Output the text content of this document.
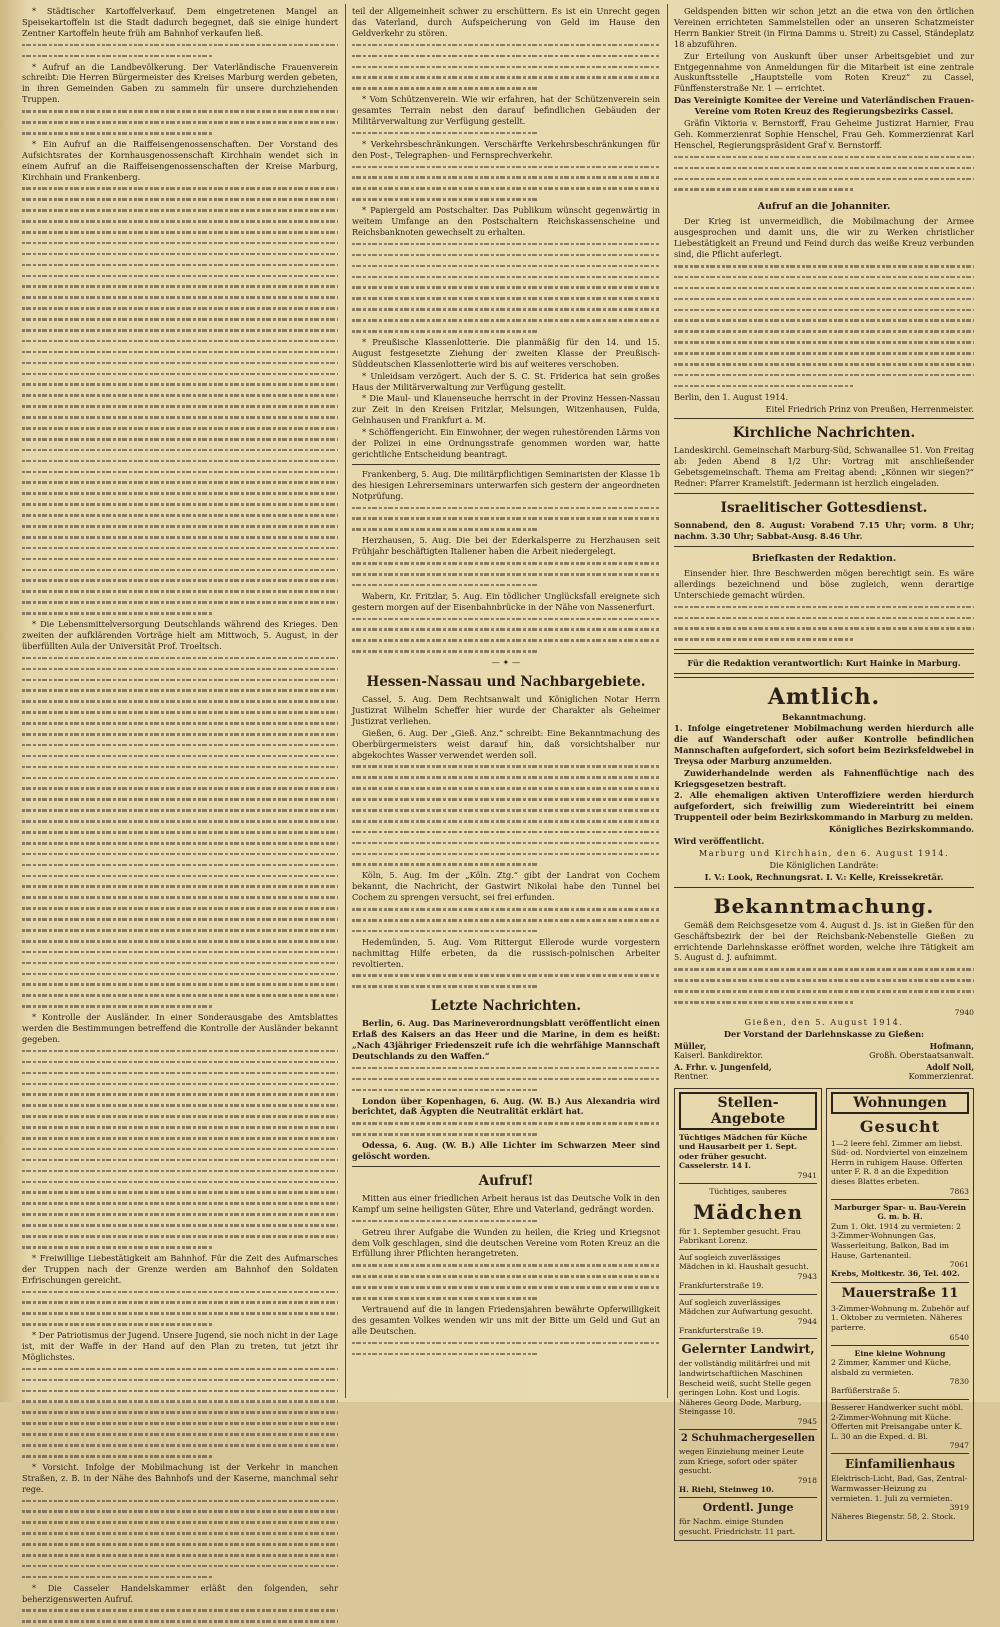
* Städtischer Kartoffelverkauf. Dem eingetretenen Mangel an Speisekartoffeln ist die Stadt dadurch begegnet, daß sie einige hundert Zentner Kartoffeln heute früh am Bahnhof verkaufen ließ.

* Aufruf an die Landbevölkerung. Der Vaterländische Frauenverein schreibt: Die Herren Bürgermeister des Kreises Marburg werden gebeten, in ihren Gemeinden Gaben zu sammeln für unsere durchziehenden Truppen.

* Ein Aufruf an die Raiffeisengenossenschaften. Der Vorstand des Aufsichtsrates der Kornhausgenossenschaft Kirchhain wendet sich in einem Aufruf an die Raiffeisengenossenschaften der Kreise Marburg, Kirchhain und Frankenberg.

* Die Lebensmittelversorgung Deutschlands während des Krieges. Den zweiten der aufklärenden Vorträge hielt am Mittwoch, 5. August, in der überfüllten Aula der Universität Prof. Troeltsch.

* Kontrolle der Ausländer. In einer Sonderausgabe des Amtsblattes werden die Bestimmungen betreffend die Kontrolle der Ausländer bekannt gegeben.

* Freiwillige Liebestätigkeit am Bahnhof. Für die Zeit des Aufmarsches der Truppen nach der Grenze werden am Bahnhof den Soldaten Erfrischungen gereicht.

* Der Patriotismus der Jugend. Unsere Jugend, sie noch nicht in der Lage ist, mit der Waffe in der Hand auf den Plan zu treten, tut jetzt ihr Möglichstes.

* Vorsicht. Infolge der Mobilmachung ist der Verkehr in manchen Straßen, z. B. in der Nähe des Bahnhofs und der Kaserne, manchmal sehr rege.

* Die Casseler Handelskammer erläßt den folgenden, sehr beherzigenswerten Aufruf.

teil der Allgemeinheit schwer zu erschüttern. Es ist ein Unrecht gegen das Vaterland, durch Aufspeicherung von Geld im Hause den Geldverkehr zu stören.

* Vom Schützenverein. Wie wir erfahren, hat der Schützenverein sein gesamtes Terrain nebst den darauf befindlichen Gebäuden der Militärverwaltung zur Verfügung gestellt.

* Verkehrsbeschränkungen. Verschärfte Verkehrsbeschränkungen für den Post-, Telegraphen- und Fernsprechverkehr.

* Papiergeld am Postschalter. Das Publikum wünscht gegenwärtig in weitem Umfange an den Postschaltern Reichskassenscheine und Reichsbanknoten gewechselt zu erhalten.

* Preußische Klassenlotterie. Die planmäßig für den 14. und 15. August festgesetzte Ziehung der zweiten Klasse der Preußisch-Süddeutschen Klassenlotterie wird bis auf weiteres verschoben.

* Unleidsam verzögert. Auch der S. C. St. Friderica hat sein großes Haus der Militärverwaltung zur Verfügung gestellt.

* Die Maul- und Klauenseuche herrscht in der Provinz Hessen-Nassau zur Zeit in den Kreisen Fritzlar, Melsungen, Witzenhausen, Fulda, Gelnhausen und Frankfurt a. M.

* Schöffengericht. Ein Einwohner, der wegen ruhestörenden Lärms von der Polizei in eine Ordnungsstrafe genommen worden war, hatte gerichtliche Entscheidung beantragt.

Frankenberg, 5. Aug. Die militärpflichtigen Seminaristen der Klasse 1b des hiesigen Lehrerseminars unterwarfen sich gestern der angeordneten Notprüfung.

Herzhausen, 5. Aug. Die bei der Ederkalsperre zu Herzhausen seit Frühjahr beschäftigten Italiener haben die Arbeit niedergelegt.

Wabern, Kr. Fritzlar, 5. Aug. Ein tödlicher Unglücksfall ereignete sich gestern morgen auf der Eisenbahnbrücke in der Nähe von Nassenerfurt.

— ✦ —
Hessen-Nassau und Nachbargebiete.

Cassel, 5. Aug. Dem Rechtsanwalt und Königlichen Notar Herrn Justizrat Wilhelm Scheffer hier wurde der Charakter als Geheimer Justizrat verliehen.

Gießen, 6. Aug. Der „Gieß. Anz.“ schreibt: Eine Bekanntmachung des Oberbürgermeisters weist darauf hin, daß vorsichtshalber nur abgekochtes Wasser verwendet werden soll.

Köln, 5. Aug. Im der „Köln. Ztg.“ gibt der Landrat von Cochem bekannt, die Nachricht, der Gastwirt Nikolai habe den Tunnel bei Cochem zu sprengen versucht, sei frei erfunden.

Hedemünden, 5. Aug. Vom Rittergut Ellerode wurde vorgestern nachmittag Hilfe erbeten, da die russisch-polnischen Arbeiter revoltierten.

Letzte Nachrichten.

Berlin, 6. Aug. Das Marineverordnungsblatt veröffentlicht einen Erlaß des Kaisers an das Heer und die Marine, in dem es heißt: „Nach 43jähriger Friedenszeit rufe ich die wehrfähige Mannschaft Deutschlands zu den Waffen.“

London über Kopenhagen, 6. Aug. (W. B.) Aus Alexandria wird berichtet, daß Ägypten die Neutralität erklärt hat.

Odessa, 6. Aug. (W. B.) Alle Lichter im Schwarzen Meer sind gelöscht worden.

Aufruf!

Mitten aus einer friedlichen Arbeit heraus ist das Deutsche Volk in den Kampf um seine heiligsten Güter, Ehre und Vaterland, gedrängt worden.

Getreu ihrer Aufgabe die Wunden zu heilen, die Krieg und Kriegsnot dem Volk geschlagen, sind die deutschen Vereine vom Roten Kreuz an die Erfüllung ihrer Pflichten herangetreten.

Vertrauend auf die in langen Friedensjahren bewährte Opferwilligkeit des gesamten Volkes wenden wir uns mit der Bitte um Geld und Gut an alle Deutschen.

Geldspenden bitten wir schon jetzt an die etwa von den örtlichen Vereinen errichteten Sammelstellen oder an unseren Schatzmeister Herrn Bankier Streit (in Firma Damms u. Streit) zu Cassel, Ständeplatz 18 abzuführen.

Zur Erteilung von Auskunft über unser Arbeitsgebiet und zur Entgegennahme von Anmeldungen für die Mitarbeit ist eine zentrale Auskunftsstelle „Hauptstelle vom Roten Kreuz“ zu Cassel, Fünffensterstraße Nr. 1 — errichtet.

Das Vereinigte Komitee der Vereine und Vaterländischen Frauen-Vereine vom Roten Kreuz des Regierungsbezirks Cassel.

Gräfin Viktoria v. Bernstorff, Frau Geheime Justizrat Harnier, Frau Geh. Kommerzienrat Sophie Henschel, Frau Geh. Kommerzienrat Karl Henschel, Regierungspräsident Graf v. Bernstorff.

Aufruf an die Johanniter.

Der Krieg ist unvermeidlich, die Mobilmachung der Armee ausgesprochen und damit uns, die wir zu Werken christlicher Liebestätigkeit an Freund und Feind durch das weiße Kreuz verbunden sind, die Pflicht auferlegt.

Berlin, den 1. August 1914.

Eitel Friedrich Prinz von Preußen, Herrenmeister.

Kirchliche Nachrichten.

Landeskirchl. Gemeinschaft Marburg-Süd, Schwanallee 51. Von Freitag ab: Jeden Abend 8 1/2 Uhr: Vortrag mit anschließender Gebetsgemeinschaft. Thema am Freitag abend: „Können wir siegen?“ Redner: Pfarrer Kramelstift. Jedermann ist herzlich eingeladen.

Israelitischer Gottesdienst.

Sonnabend, den 8. August: Vorabend 7.15 Uhr; vorm. 8 Uhr; nachm. 3.30 Uhr; Sabbat-Ausg. 8.46 Uhr.

Briefkasten der Redaktion.

Einsender hier. Ihre Beschwerden mögen berechtigt sein. Es wäre allerdings bezeichnend und böse zugleich, wenn derartige Unterschiede gemacht würden.

Für die Redaktion verantwortlich: Kurt Hainke in Marburg.

Amtlich.
Bekanntmachung.

1. Infolge eingetretener Mobilmachung werden hierdurch alle die auf Wanderschaft oder außer Kontrolle befindlichen Mannschaften aufgefordert, sich sofort beim Bezirksfeldwebel in Treysa oder Marburg anzumelden.

Zuwiderhandelnde werden als Fahnenflüchtige nach des Kriegsgesetzen bestraft.

2. Alle ehemaligen aktiven Unteroffiziere werden hierdurch aufgefordert, sich freiwillig zum Wiedereintritt bei einem Truppenteil oder beim Bezirkskommando in Marburg zu melden.

Königliches Bezirkskommando.

Wird veröffentlicht.

Marburg und Kirchhain, den 6. August 1914.

Die Königlichen Landräte:

I. V.: Look, Rechnungsrat. I. V.: Kelle, Kreissekretär.

Bekanntmachung.

Gemäß dem Reichsgesetze vom 4. August d. Js. ist in Gießen für den Geschäftsbezirk der bei der Reichsbank-Nebenstelle Gießen zu errichtende Darlehnskasse eröffnet worden, welche ihre Tätigkeit am 5. August d. J. aufnimmt.

7940

Gießen, den 5. August 1914.

Der Vorstand der Darlehnskasse zu Gießen:

Müller,	Hofmann,
Kaiserl. Bankdirektor.	Großh. Oberstaatsanwalt.
A. Frhr. v. Jungenfeld,	Adolf Noll,
Rentner.	Kommerzienrat.
Stellen-Angebote
Tüchtiges Mädchen für Küche und Hausarbeit per 1. Sept. oder früher gesucht. Casselerstr. 14 I.
7941
Tüchtiges, sauberes
Mädchen
für 1. September gesucht. Frau Fabrikant Lorenz.
Auf sogleich zuverlässiges Mädchen in kl. Haushalt gesucht.
7943
Frankfurterstraße 19.
Auf sogleich zuverlässiges Mädchen zur Aufwartung gesucht.
7944
Frankfurterstraße 19.
Gelernter Landwirt,
der vollständig militärfrei und mit landwirtschaftlichen Maschinen Bescheid weiß, sucht Stelle gegen geringen Lohn. Kost und Logis.
Näheres Georg Dode, Marburg, Steingasse 10.
7945
2 Schuhmachergesellen
wegen Einziehung meiner Leute zum Kriege, sofort oder später gesucht.
7918
H. Riehl, Steinweg 10.
Ordentl. Junge
für Nachm. einige Stunden gesucht. Friedrichstr. 11 part.
Wohnungen
Gesucht
1—2 leere fehl. Zimmer am liebst. Süd- od. Nordviertel von einzelnem Herrn in ruhigem Hause. Offerten unter F. R. 8 an die Expedition dieses Blattes erbeten.
7863
Marburger Spar- u. Bau-Verein G. m. b. H.
Zum 1. Okt. 1914 zu vermieten: 2 3-Zimmer-Wohnungen Gas, Wasserleitung, Balkon, Bad im Hause, Gartenanteil.
7061
Krebs, Moltkestr. 36, Tel. 402.
Mauerstraße 11
3-Zimmer-Wohnung m. Zubehör auf 1. Oktober zu vermieten. Näheres parterre.
6540
Eine kleine Wohnung
2 Zimmer, Kammer und Küche, alsbald zu vermieten.
7830
Barfüßerstraße 5.
Besserer Handwerker sucht möbl. 2-Zimmer-Wohnung mit Küche. Offerten mit Preisangabe unter K. L. 30 an die Exped. d. Bl.
7947
Einfamilienhaus
Elektrisch-Licht, Bad, Gas, Zentral-Warmwasser-Heizung zu vermieten. 1. Juli zu vermieten.
3919
Näheres Biegenstr. 58, 2. Stock.
